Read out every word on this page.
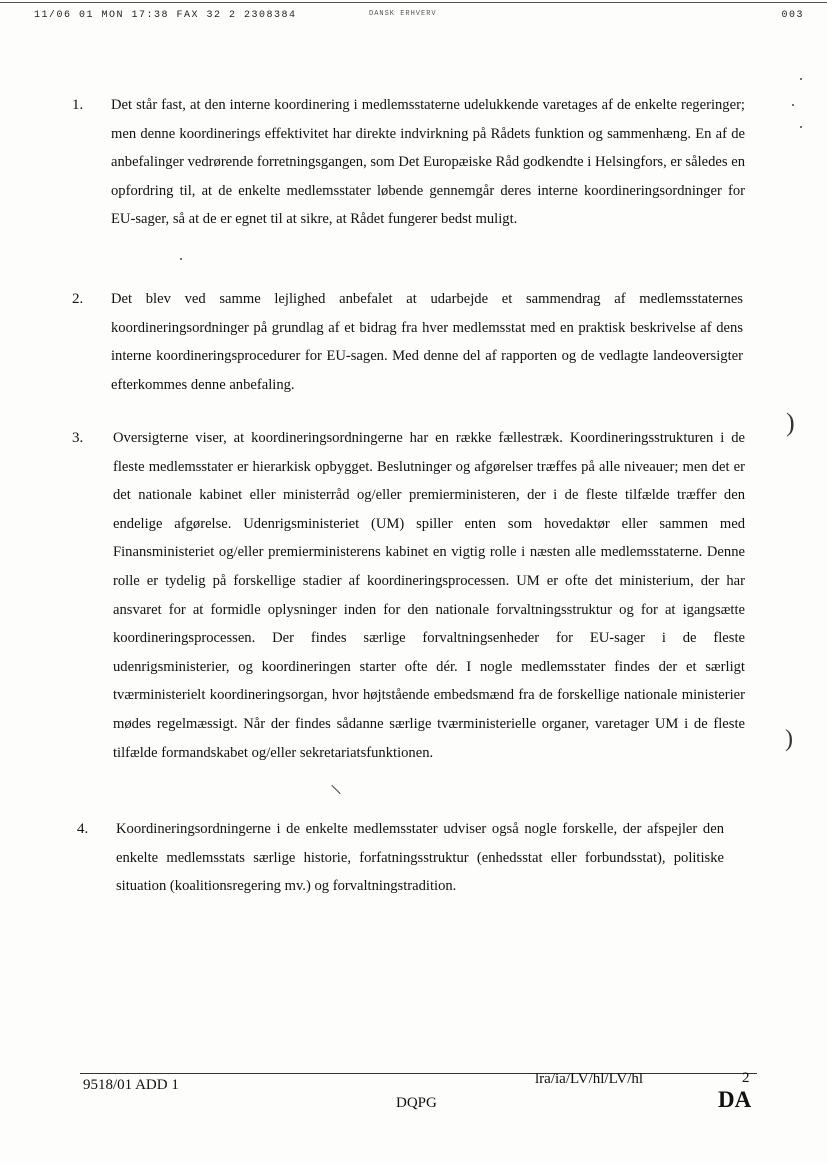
11/06 01 MON 17:38 FAX 32 2 2308384	DANSK ERHVERV	003
1. Det står fast, at den interne koordinering i medlemsstaterne udelukkende varetages af de enkelte regeringer; men denne koordinerings effektivitet har direkte indvirkning på Rådets funktion og sammenhæng. En af de anbefalinger vedrørende forretningsgangen, som Det Europæiske Råd godkendte i Helsingfors, er således en opfordring til, at de enkelte medlemsstater løbende gennemgår deres interne koordineringsordninger for EU-sager, så at de er egnet til at sikre, at Rådet fungerer bedst muligt.
2. Det blev ved samme lejlighed anbefalet at udarbejde et sammendrag af medlemsstaternes koordineringsordninger på grundlag af et bidrag fra hver medlemsstat med en praktisk beskrivelse af dens interne koordineringsprocedurer for EU-sagen. Med denne del af rapporten og de vedlagte landeoversigter efterkommes denne anbefaling.
3. Oversigterne viser, at koordineringsordningerne har en række fællestræk. Koordineringsstrukturen i de fleste medlemsstater er hierarkisk opbygget. Beslutninger og afgørelser træffes på alle niveauer; men det er det nationale kabinet eller ministerråd og/eller premierministeren, der i de fleste tilfælde træffer den endelige afgørelse. Udenrigsministeriet (UM) spiller enten som hovedaktør eller sammen med Finansministeriet og/eller premierministerens kabinet en vigtig rolle i næsten alle medlemsstaterne. Denne rolle er tydelig på forskellige stadier af koordineringsprocessen. UM er ofte det ministerium, der har ansvaret for at formidle oplysninger inden for den nationale forvaltningsstruktur og for at igangsætte koordineringsprocessen. Der findes særlige forvaltningsenheder for EU-sager i de fleste udenrigsministerier, og koordineringen starter ofte dér. I nogle medlemsstater findes der et særligt tværministerielt koordineringsorgan, hvor højtstående embedsmænd fra de forskellige nationale ministerier mødes regelmæssigt. Når der findes sådanne særlige tværministerielle organer, varetager UM i de fleste tilfælde formandskabet og/eller sekretariatsfunktionen.
4. Koordineringsordningerne i de enkelte medlemsstater udviser også nogle forskelle, der afspejler den enkelte medlemsstats særlige historie, forfatningsstruktur (enhedsstat eller forbundsstat), politiske situation (koalitionsregering mv.) og forvaltningstradition.
)
)
9518/01 ADD 1
DQPG
lra/ia/LV/hl/LV/hl	2
DA
